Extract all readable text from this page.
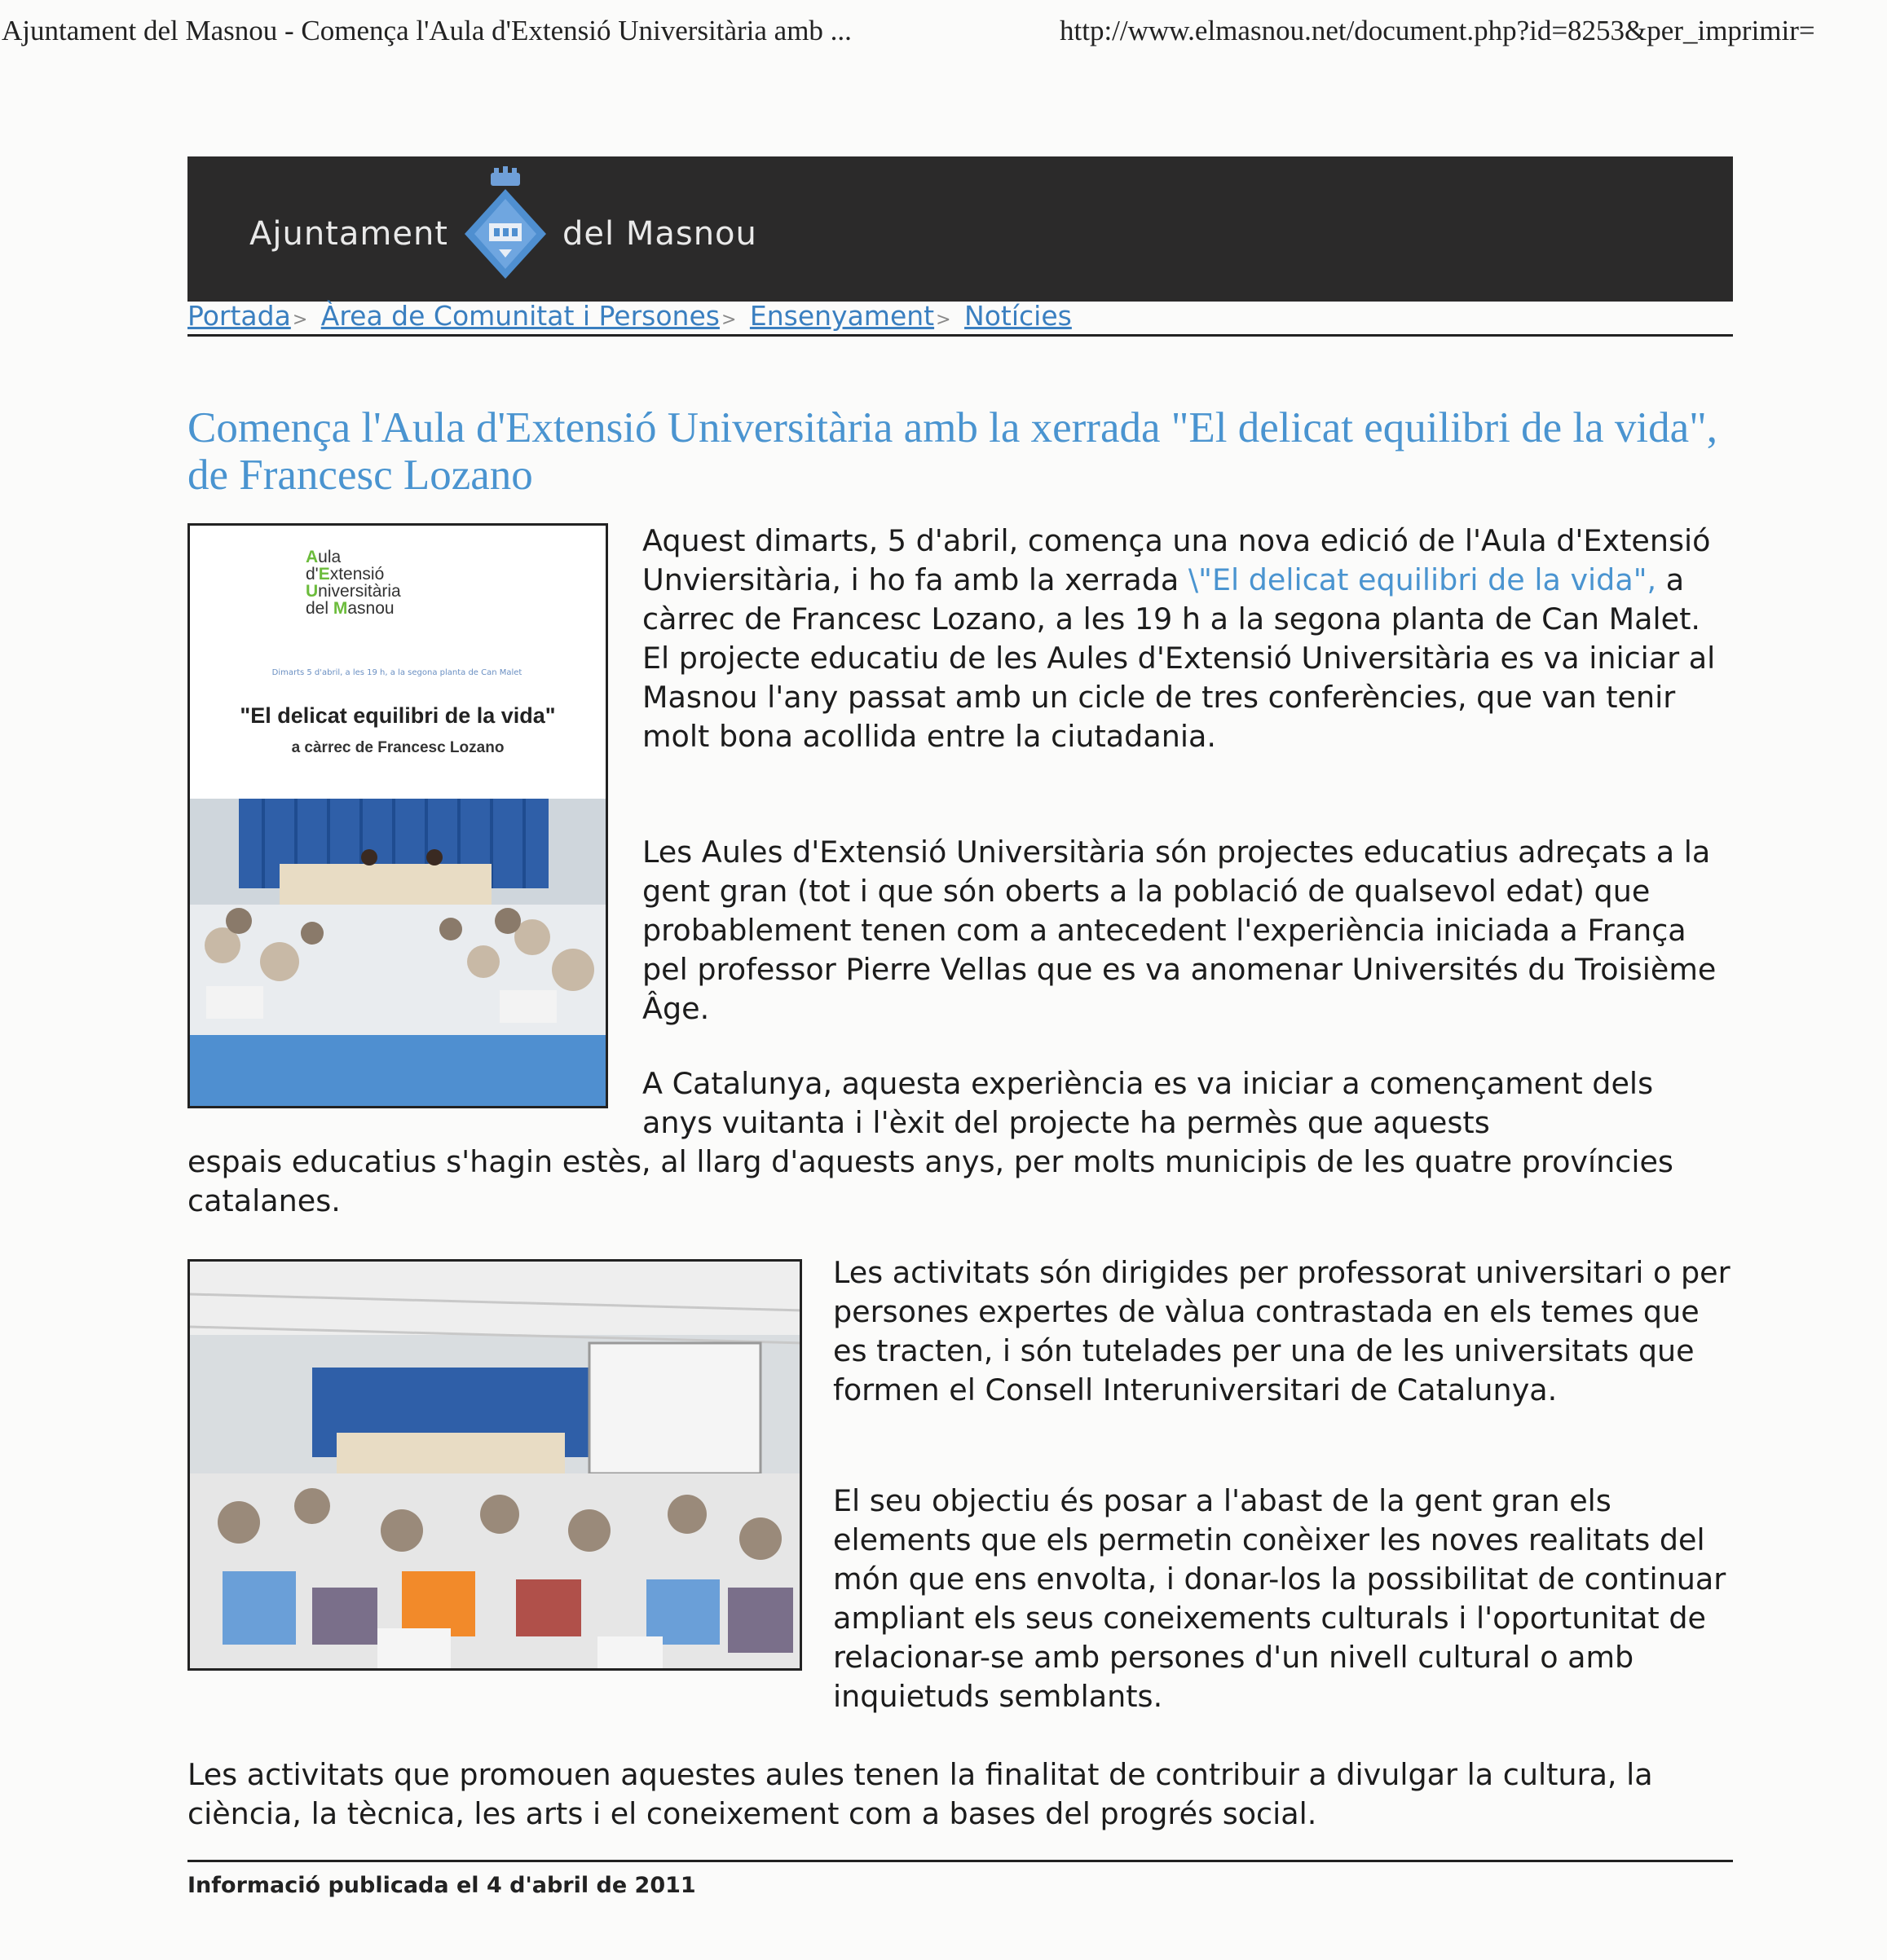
Ajuntament del Masnou - Comença l'Aula d'Extensió Universitària amb ...	http://www.elmasnou.net/document.php?id=8253&per_imprimir=
Ajuntament	del Masnou
Portada> Àrea de Comunitat i Persones> Ensenyament> Notícies
Comença l'Aula d'Extensió Universitària amb la xerrada "El delicat equilibri de la vida", de Francesc Lozano
Aula
d'Extensió
Universitària
del Masnou
Dimarts 5 d'abril, a les 19 h, a la segona planta de Can Malet
"El delicat equilibri de la vida"
a càrrec de Francesc Lozano
Aquest dimarts, 5 d'abril, comença una nova edició de l'Aula d'Extensió Unviersitària, i ho fa amb la xerrada \"El delicat equilibri de la vida", a càrrec de Francesc Lozano, a les 19 h a la segona planta de Can Malet. El projecte educatiu de les Aules d'Extensió Universitària es va iniciar al Masnou l'any passat amb un cicle de tres conferències, que van tenir molt bona acollida entre la ciutadania.
Les Aules d'Extensió Universitària són projectes educatius adreçats a la gent gran (tot i que són oberts a la població de qualsevol edat) que probablement tenen com a antecedent l'experiència iniciada a França pel professor Pierre Vellas que es va anomenar Universités du Troisième Âge.
A Catalunya, aquesta experiència es va iniciar a començament dels anys vuitanta i l'èxit del projecte ha permès que aquests
espais educatius s'hagin estès, al llarg d'aquests anys, per molts municipis de les quatre províncies catalanes.
Les activitats són dirigides per professorat universitari o per persones expertes de vàlua contrastada en els temes que es tracten, i són tutelades per una de les universitats que formen el Consell Interuniversitari de Catalunya.
El seu objectiu és posar a l'abast de la gent gran els elements que els permetin conèixer les noves realitats del món que ens envolta, i donar-los la possibilitat de continuar ampliant els seus coneixements culturals i l'oportunitat de relacionar-se amb persones d'un nivell cultural o amb inquietuds semblants.
Les activitats que promouen aquestes aules tenen la finalitat de contribuir a divulgar la cultura, la ciència, la tècnica, les arts i el coneixement com a bases del progrés social.
Informació publicada el 4 d'abril de 2011
